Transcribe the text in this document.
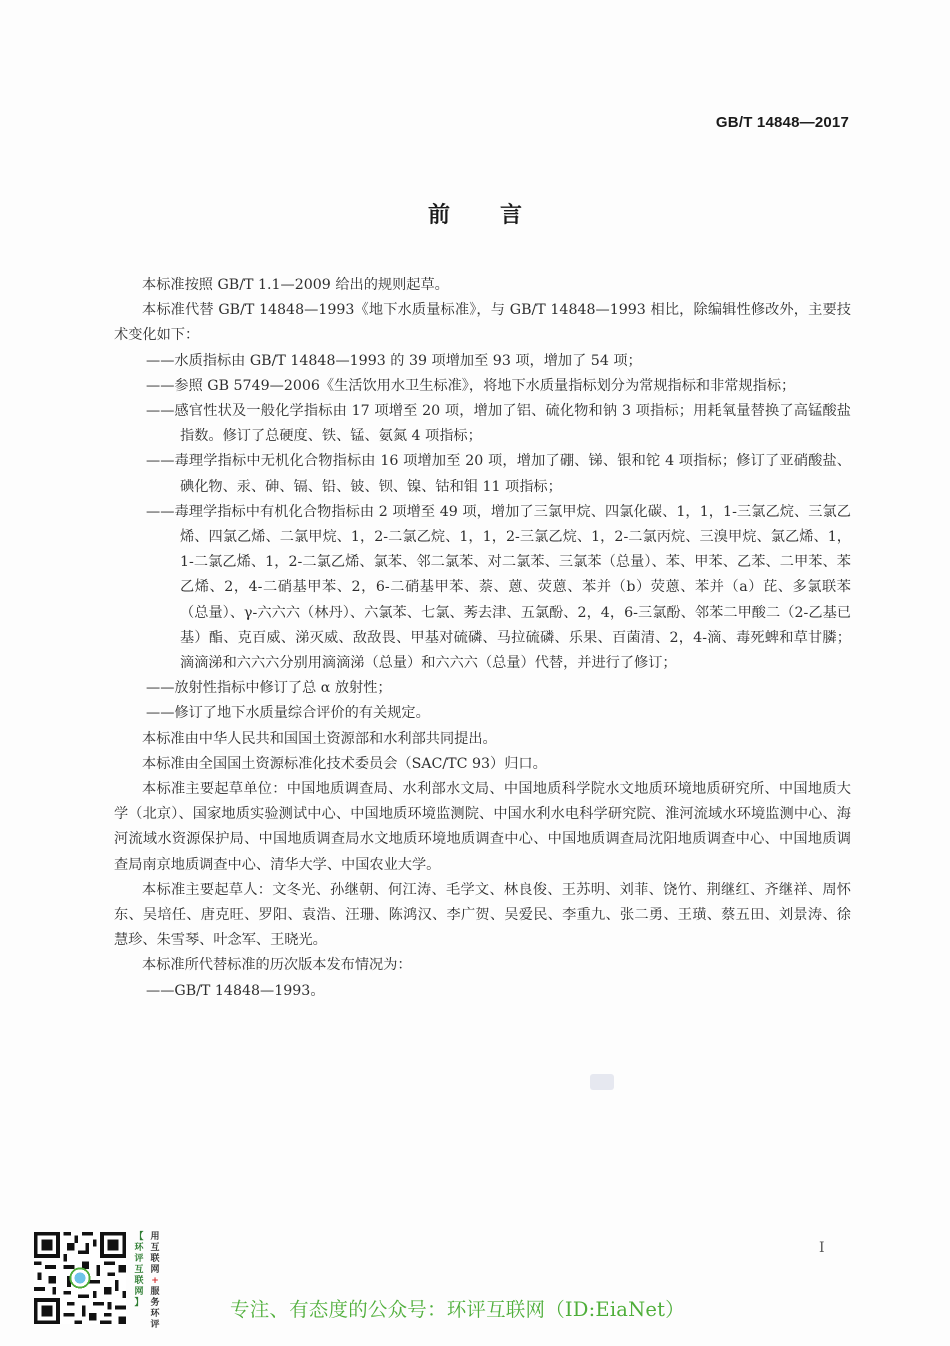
GB/T 14848—2017
前言

本标准按照 GB/T 1.1—2009 给出的规则起草。

本标准代替 GB/T 14848—1993《地下水质量标准》，与 GB/T 14848—1993 相比，除编辑性修改外，主要技术变化如下：

——水质指标由 GB/T 14848—1993 的 39 项增加至 93 项，增加了 54 项；

——参照 GB 5749—2006《生活饮用水卫生标准》，将地下水质量指标划分为常规指标和非常规指标；

——感官性状及一般化学指标由 17 项增至 20 项，增加了铝、硫化物和钠 3 项指标；用耗氧量替换了高锰酸盐指数。修订了总硬度、铁、锰、氨氮 4 项指标；

——毒理学指标中无机化合物指标由 16 项增加至 20 项，增加了硼、锑、银和铊 4 项指标；修订了亚硝酸盐、碘化物、汞、砷、镉、铅、铍、钡、镍、钴和钼 11 项指标；

——毒理学指标中有机化合物指标由 2 项增至 49 项，增加了三氯甲烷、四氯化碳、1，1，1-三氯乙烷、三氯乙烯、四氯乙烯、二氯甲烷、1，2-二氯乙烷、1，1，2-三氯乙烷、1，2-二氯丙烷、三溴甲烷、氯乙烯、1，1-二氯乙烯、1，2-二氯乙烯、氯苯、邻二氯苯、对二氯苯、三氯苯（总量）、苯、甲苯、乙苯、二甲苯、苯乙烯、2，4-二硝基甲苯、2，6-二硝基甲苯、萘、蒽、荧蒽、苯并（b）荧蒽、苯并（a）芘、多氯联苯（总量）、γ-六六六（林丹）、六氯苯、七氯、莠去津、五氯酚、2，4，6-三氯酚、邻苯二甲酸二（2-乙基已基）酯、克百威、涕灭威、敌敌畏、甲基对硫磷、马拉硫磷、乐果、百菌清、2，4-滴、毒死蜱和草甘膦；滴滴涕和六六六分别用滴滴涕（总量）和六六六（总量）代替，并进行了修订；

——放射性指标中修订了总 α 放射性；

——修订了地下水质量综合评价的有关规定。

本标准由中华人民共和国国土资源部和水利部共同提出。

本标准由全国国土资源标准化技术委员会（SAC/TC 93）归口。

本标准主要起草单位：中国地质调查局、水利部水文局、中国地质科学院水文地质环境地质研究所、中国地质大学（北京）、国家地质实验测试中心、中国地质环境监测院、中国水利水电科学研究院、淮河流域水环境监测中心、海河流域水资源保护局、中国地质调查局水文地质环境地质调查中心、中国地质调查局沈阳地质调查中心、中国地质调查局南京地质调查中心、清华大学、中国农业大学。

本标准主要起草人：文冬光、孙继朝、何江涛、毛学文、林良俊、王苏明、刘菲、饶竹、荆继红、齐继祥、周怀东、吴培任、唐克旺、罗阳、袁浩、汪珊、陈鸿汉、李广贺、吴爱民、李重九、张二勇、王璜、蔡五田、刘景涛、徐慧珍、朱雪琴、叶念军、王晓光。

本标准所代替标准的历次版本发布情况为：

——GB/T 14848—1993。

I
【
环
评
互
联
网
】
用
互
联
网
+
服
务
环
评
专注、有态度的公众号：环评互联网（ID:EiaNet）
